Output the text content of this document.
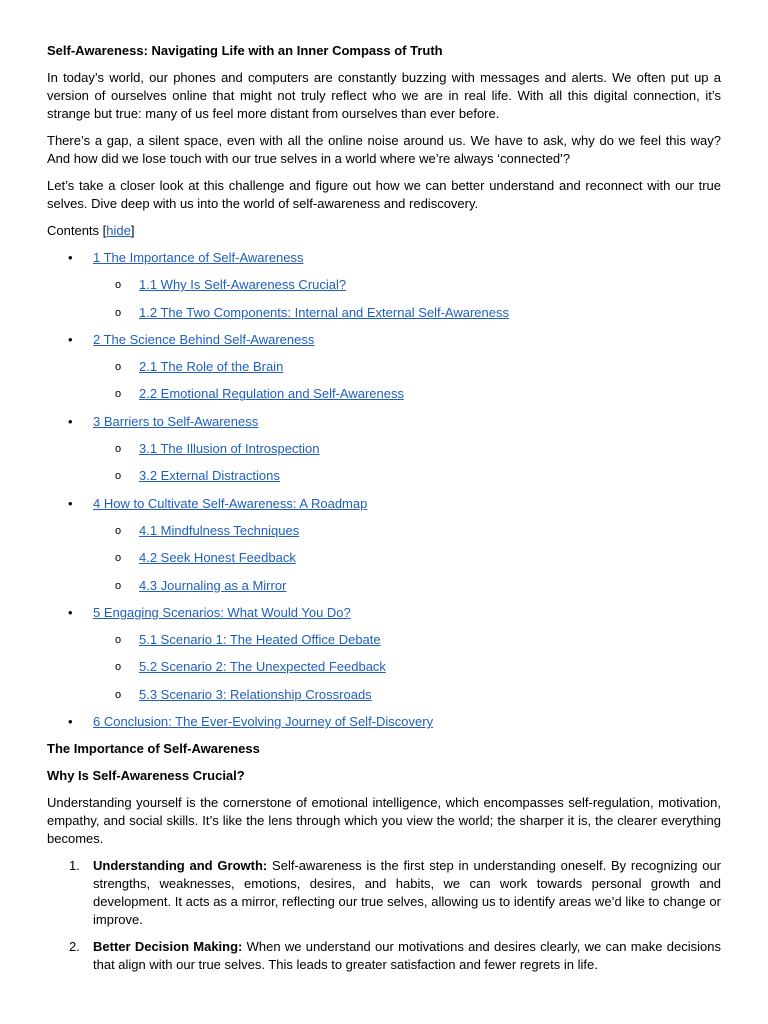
Self-Awareness: Navigating Life with an Inner Compass of Truth

In today’s world, our phones and computers are constantly buzzing with messages and alerts. We often put up a version of ourselves online that might not truly reflect who we are in real life. With all this digital connection, it’s strange but true: many of us feel more distant from ourselves than ever before.

There’s a gap, a silent space, even with all the online noise around us. We have to ask, why do we feel this way? And how did we lose touch with our true selves in a world where we’re always ‘connected’?

Let’s take a closer look at this challenge and figure out how we can better understand and reconnect with our true selves. Dive deep with us into the world of self-awareness and rediscovery.

Contents [hide]
• 1 The Importance of Self-Awareness
o 1.1 Why Is Self-Awareness Crucial?
o 1.2 The Two Components: Internal and External Self-Awareness
• 2 The Science Behind Self-Awareness
o 2.1 The Role of the Brain
o 2.2 Emotional Regulation and Self-Awareness
• 3 Barriers to Self-Awareness
o 3.1 The Illusion of Introspection
o 3.2 External Distractions
• 4 How to Cultivate Self-Awareness: A Roadmap
o 4.1 Mindfulness Techniques
o 4.2 Seek Honest Feedback
o 4.3 Journaling as a Mirror
• 5 Engaging Scenarios: What Would You Do?
o 5.1 Scenario 1: The Heated Office Debate
o 5.2 Scenario 2: The Unexpected Feedback
o 5.3 Scenario 3: Relationship Crossroads
• 6 Conclusion: The Ever-Evolving Journey of Self-Discovery
The Importance of Self-Awareness
Why Is Self-Awareness Crucial?

Understanding yourself is the cornerstone of emotional intelligence, which encompasses self-regulation, motivation, empathy, and social skills. It’s like the lens through which you view the world; the sharper it is, the clearer everything becomes.

1. Understanding and Growth: Self-awareness is the first step in understanding oneself. By recognizing our strengths, weaknesses, emotions, desires, and habits, we can work towards personal growth and development. It acts as a mirror, reflecting our true selves, allowing us to identify areas we’d like to change or improve.
2. Better Decision Making: When we understand our motivations and desires clearly, we can make decisions that align with our true selves. This leads to greater satisfaction and fewer regrets in life.
